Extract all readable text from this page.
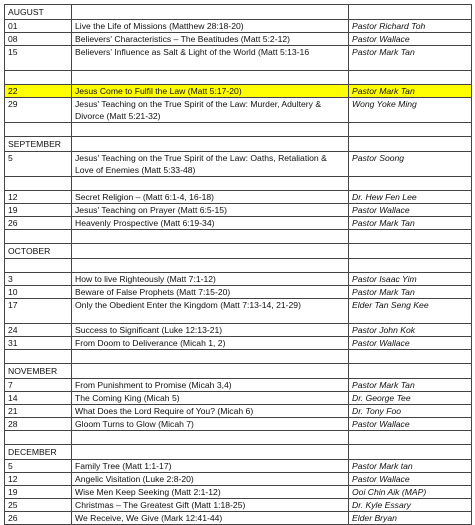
AUGUST		
01	Live the Life of Missions (Matthew 28:18-20)	Pastor Richard Toh
08	Believers' Characteristics – The Beatitudes (Matt 5:2-12)	Pastor Wallace
15	Believers' Influence as Salt & Light of the World (Matt 5:13-16	Pastor Mark Tan

22	Jesus Come to Fulfil the Law (Matt 5:17-20)	Pastor Mark Tan
29	Jesus' Teaching on the True Spirit of the Law: Murder, Adultery & Divorce (Matt 5:21-32)	Wong Yoke Ming

SEPTEMBER		
5	Jesus' Teaching on the True Spirit of the Law: Oaths, Retaliation & Love of Enemies (Matt 5:33-48)	Pastor Soong

12	Secret Religion – (Matt 6:1-4, 16-18)	Dr. Hew Fen Lee
19	Jesus' Teaching on Prayer (Matt 6:5-15)	Pastor Wallace
26	Heavenly Prospective (Matt 6:19-34)	Pastor Mark Tan

OCTOBER		

3	How to live Righteously (Matt 7:1-12)	Pastor Isaac Yim
10	Beware of False Prophets (Matt 7:15-20)	Pastor Mark Tan
17	Only the Obedient Enter the Kingdom (Matt 7:13-14, 21-29)	Elder Tan Seng Kee
24	Success to Significant (Luke 12:13-21)	Pastor John Kok
31	From Doom to Deliverance (Micah 1, 2)	Pastor Wallace

NOVEMBER		
7	From Punishment to Promise (Micah 3,4)	Pastor Mark Tan
14	The Coming King (Micah 5)	Dr. George Tee
21	What Does the Lord Require of You? (Micah 6)	Dr. Tony Foo
28	Gloom Turns to Glow (Micah 7)	Pastor Wallace

DECEMBER		
5	Family Tree (Matt 1:1-17)	Pastor Mark tan
12	Angelic Visitation (Luke 2:8-20)	Pastor Wallace
19	Wise Men Keep Seeking (Matt 2:1-12)	Ooi Chin Aik (MAP)
25	Christmas – The Greatest Gift (Matt 1:18-25)	Dr. Kyle Essary
26	We Receive, We Give (Mark 12:41-44)	Elder Bryan
